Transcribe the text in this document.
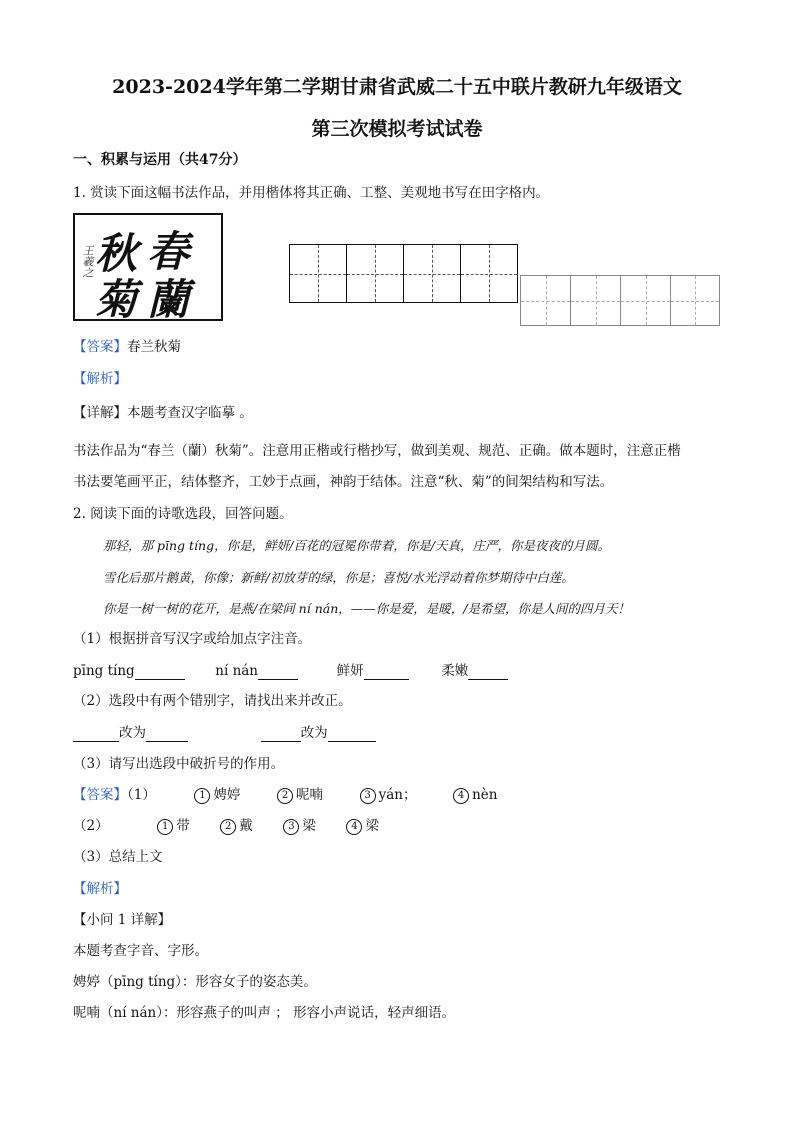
2023-2024学年第二学期甘肃省武威二十五中联片教研九年级语文
第三次模拟考试试卷
一、积累与运用（共47分）
1. 赏读下面这幅书法作品，并用楷体将其正确、工整、美观地书写在田字格内。
春
蘭
秋
菊
王羲之
【答案】春兰秋菊
【解析】
【详解】本题考查汉字临摹 。
书法作品为“春兰（蘭）秋菊”。注意用正楷或行楷抄写，做到美观、规范、正确。做本题时，注意正楷
书法要笔画平正，结体整齐，工妙于点画，神韵于结体。注意“秋、菊”的间架结构和写法。
2. 阅读下面的诗歌选段，回答问题。
那轻，那 pīng tíng，你是，鲜妍/百花的冠冕你带着，你是/天真，庄严，你是夜夜的月圆。
雪化后那片鹅黄，你像；新鲜/初放芽的绿，你是；喜悦/水光浮动着你梦期待中白莲。
你是一树一树的花开，是燕/在梁间 ní nán，——你是爱，是暖，/是希望，你是人间的四月天！
（1）根据拼音写汉字或给加点字注音。
pīng tíng	ní nán	鲜妍	柔嫩
（2）选段中有两个错别字，请找出来并改正。
改为	改为
（3）请写出选段中破折号的作用。
【答案】（1）	1 娉婷	2 呢喃	3 yán；	4 nèn
（2）	1 带	2 戴	3 梁	4 梁
（3）总结上文
【解析】
【小问 1 详解】
本题考查字音、字形。
娉婷（pīng tíng）：形容女子的姿态美。
呢喃（ní nán）：形容燕子的叫声 ； 形容小声说话，轻声细语。
